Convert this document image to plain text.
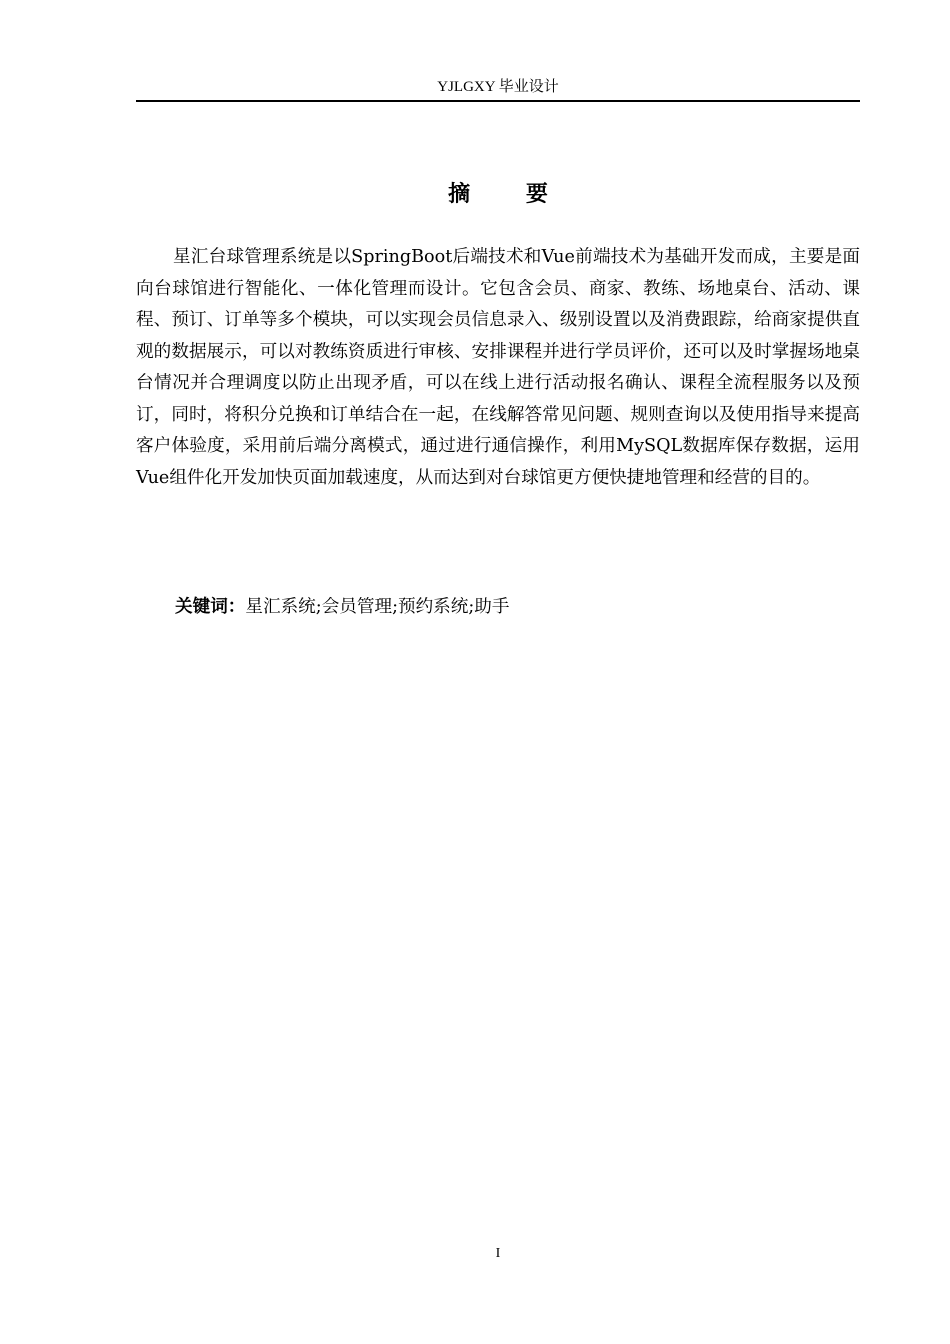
YJLGXY 毕业设计
摘 要

星汇台球管理系统是以SpringBoot后端技术和Vue前端技术为基础开发而成，主要是面向台球馆进行智能化、一体化管理而设计。它包含会员、商家、教练、场地桌台、活动、课程、预订、订单等多个模块，可以实现会员信息录入、级别设置以及消费跟踪，给商家提供直观的数据展示，可以对教练资质进行审核、安排课程并进行学员评价，还可以及时掌握场地桌台情况并合理调度以防止出现矛盾，可以在线上进行活动报名确认、课程全流程服务以及预订，同时，将积分兑换和订单结合在一起，在线解答常见问题、规则查询以及使用指导来提高客户体验度，采用前后端分离模式，通过进行通信操作，利用MySQL数据库保存数据，运用Vue组件化开发加快页面加载速度，从而达到对台球馆更方便快捷地管理和经营的目的。

关键词：星汇系统;会员管理;预约系统;助手
I
